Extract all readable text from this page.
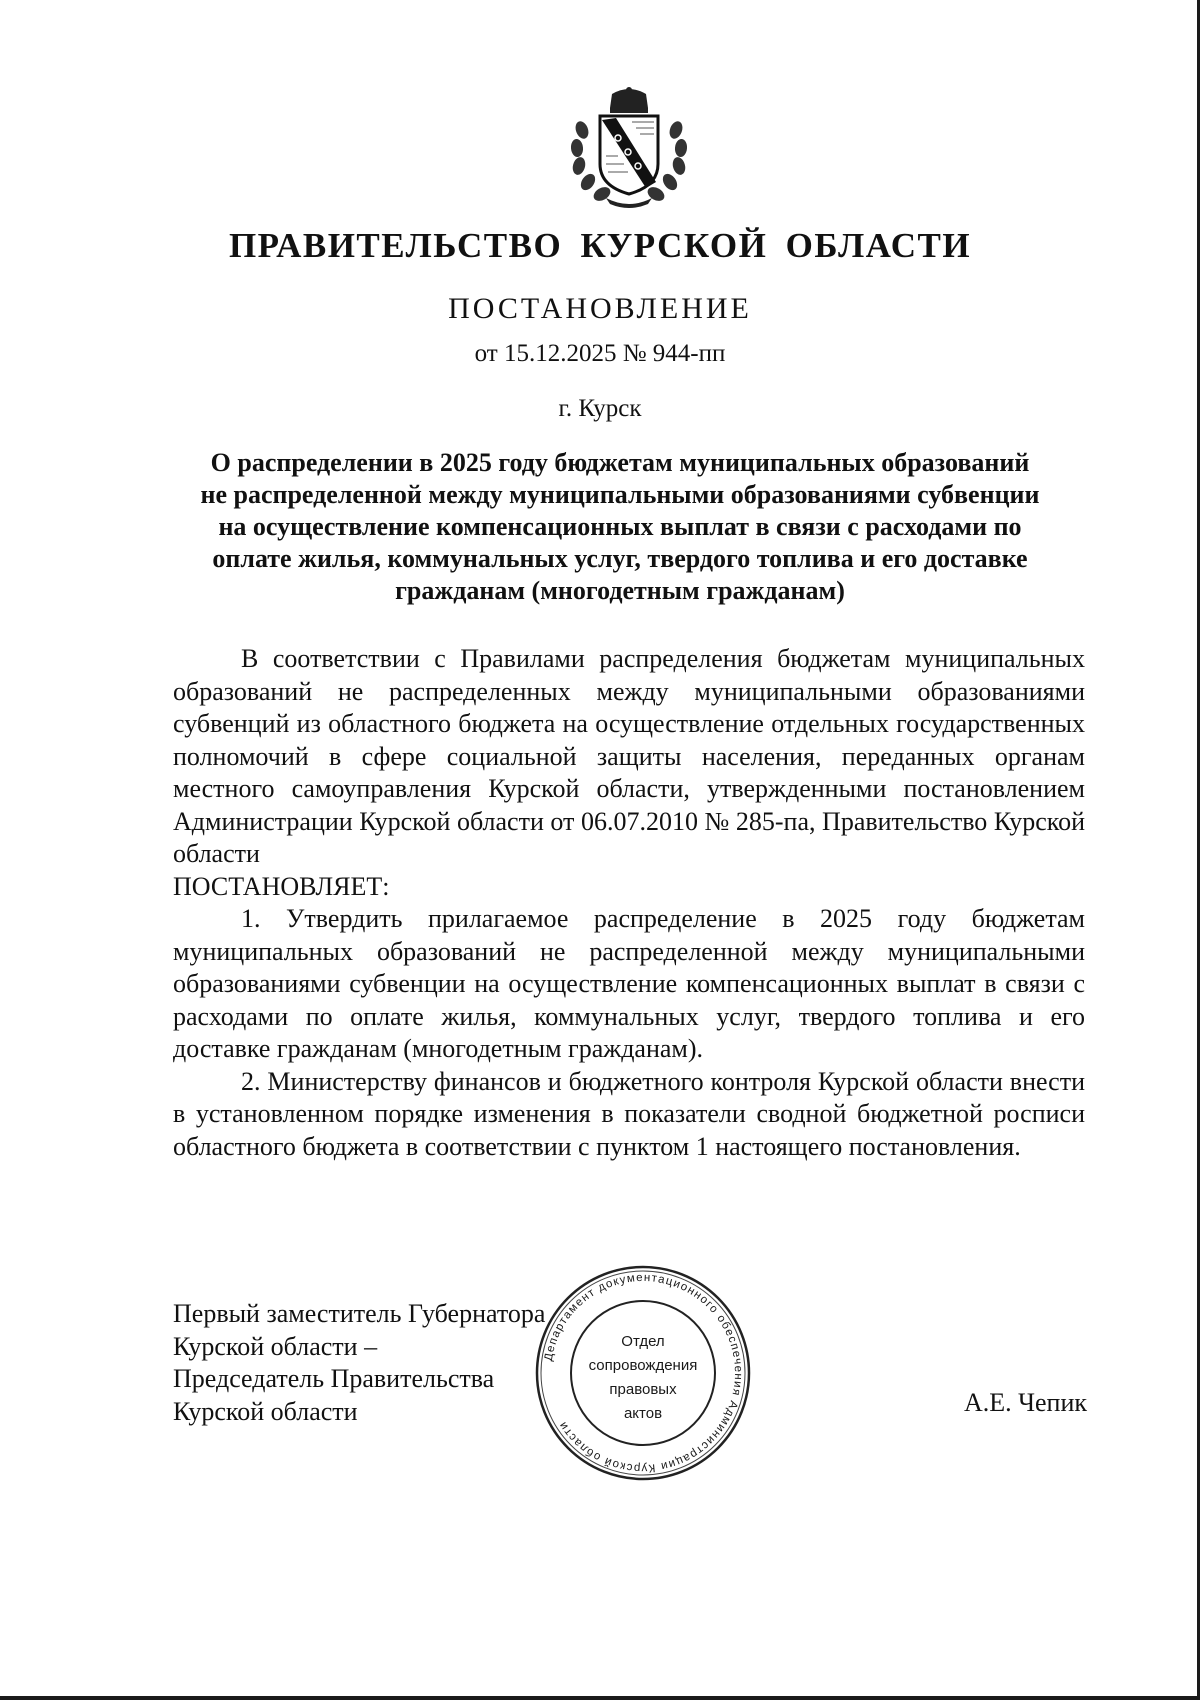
ПРАВИТЕЛЬСТВО КУРСКОЙ ОБЛАСТИ
ПОСТАНОВЛЕНИЕ
от 15.12.2025 № 944-пп
г. Курск
О распределении в 2025 году бюджетам муниципальных образований
не распределенной между муниципальными образованиями субвенции
на осуществление компенсационных выплат в связи с расходами по
оплате жилья, коммунальных услуг, твердого топлива и его доставке
гражданам (многодетным гражданам)
В соответствии с Правилами распределения бюджетам муниципальных образований не распределенных между муниципальными образованиями субвенций из областного бюджета на осуществление отдельных государственных полномочий в сфере социальной защиты населения, переданных органам местного самоуправления Курской области, утвержденными постановлением Администрации Курской области от 06.07.2010 № 285-па, Правительство Курской области
ПОСТАНОВЛЯЕТ:
1. Утвердить прилагаемое распределение в 2025 году бюджетам муниципальных образований не распределенной между муниципальными образованиями субвенции на осуществление компенсационных выплат в связи с расходами по оплате жилья, коммунальных услуг, твердого топлива и его доставке гражданам (многодетным гражданам).
2. Министерству финансов и бюджетного контроля Курской области внести в установленном порядке изменения в показатели сводной бюджетной росписи областного бюджета в соответствии с пунктом 1 настоящего постановления.
Первый заместитель Губернатора
Курской области –
Председатель Правительства
Курской области	А.Е. Чепик
Департамент документационного обеспечения Администрации Курской области
Отдел
сопровождения
правовых
актов
